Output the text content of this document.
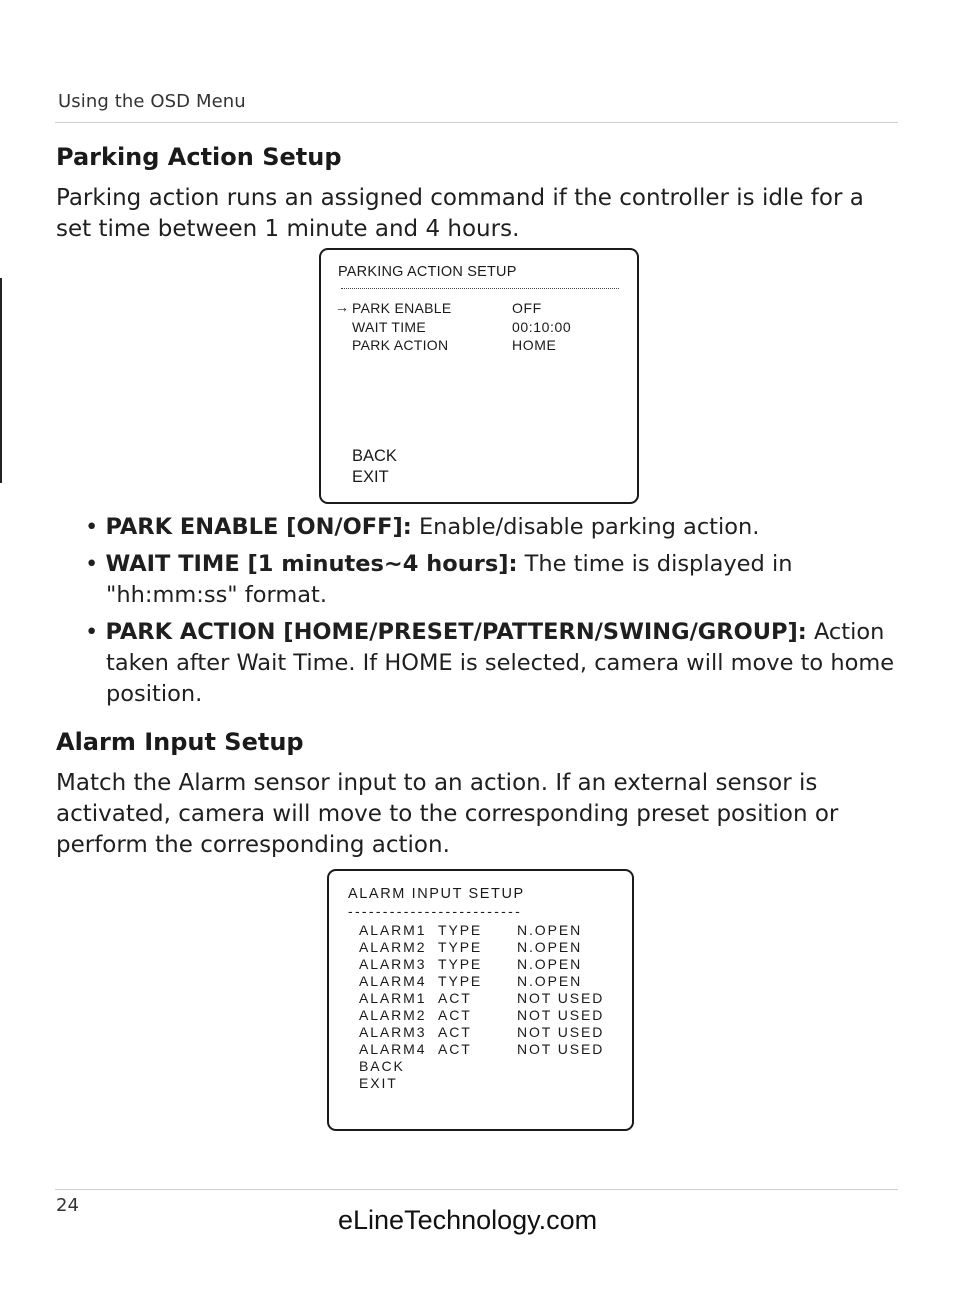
Using the OSD Menu
Parking Action Setup
Parking action runs an assigned command if the controller is idle for a set time between 1 minute and 4 hours.
PARKING ACTION SETUP
→ PARK ENABLE	OFF
WAIT TIME	00:10:00
PARK ACTION	HOME
BACK
EXIT
• PARK ENABLE [ON/OFF]: Enable/disable parking action.
• WAIT TIME [1 minutes~4 hours]: The time is displayed in "hh:mm:ss" format.
• PARK ACTION [HOME/PRESET/PATTERN/SWING/GROUP]: Action taken after Wait Time. If HOME is selected, camera will move to home position.
Alarm Input Setup
Match the Alarm sensor input to an action. If an external sensor is activated, camera will move to the corresponding preset position or perform the corresponding action.
ALARM INPUT SETUP
-------------------------
ALARM1 TYPE N.OPEN
ALARM2 TYPE N.OPEN
ALARM3 TYPE N.OPEN
ALARM4 TYPE N.OPEN
ALARM1 ACT	NOT USED
ALARM2 ACT	NOT USED
ALARM3 ACT	NOT USED
ALARM4 ACT	NOT USED
BACK
EXIT
24	eLineTechnology.com
